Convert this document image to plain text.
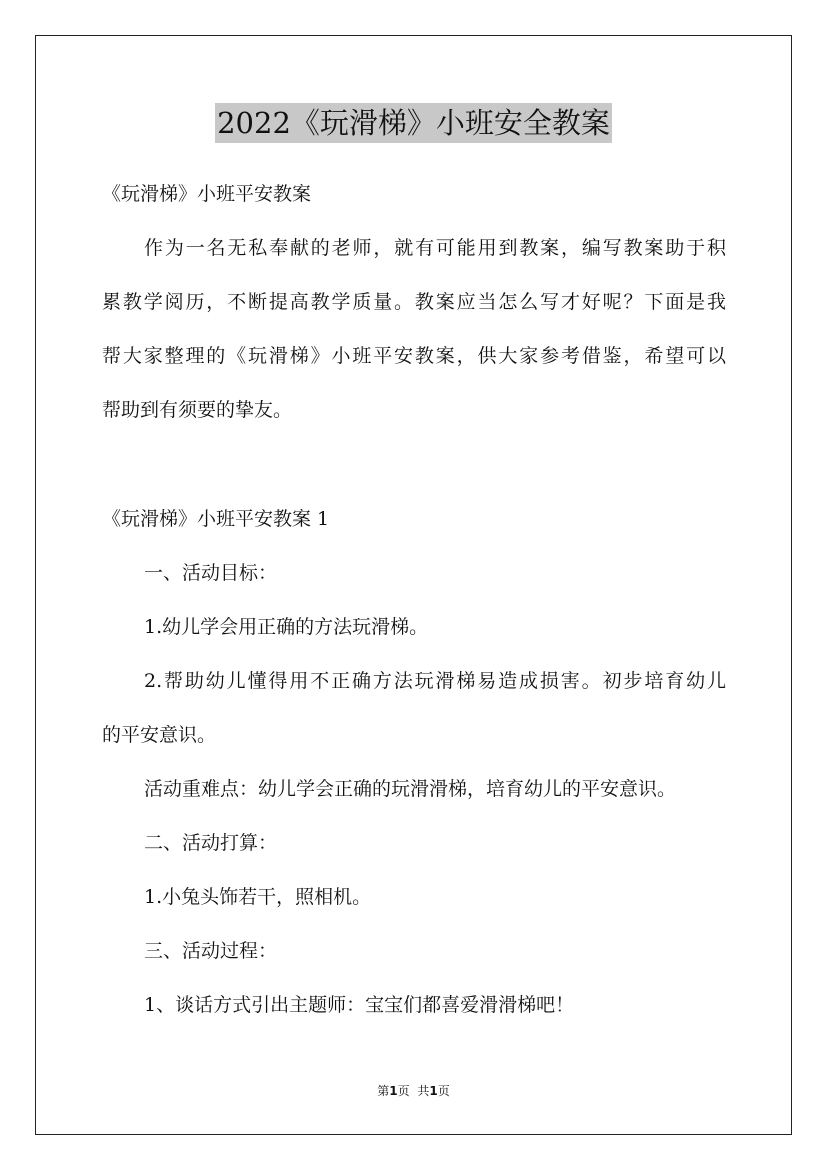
2022《玩滑梯》小班安全教案
《玩滑梯》小班平安教案
作为一名无私奉献的老师，就有可能用到教案，编写教案助于积
累教学阅历，不断提高教学质量。教案应当怎么写才好呢？下面是我
帮大家整理的《玩滑梯》小班平安教案，供大家参考借鉴，希望可以
帮助到有须要的挚友。
《玩滑梯》小班平安教案 1
一、活动目标：
1.幼儿学会用正确的方法玩滑梯。
2.帮助幼儿懂得用不正确方法玩滑梯易造成损害。初步培育幼儿
的平安意识。
活动重难点：幼儿学会正确的玩滑滑梯，培育幼儿的平安意识。
二、活动打算：
1.小兔头饰若干，照相机。
三、活动过程：
1、谈话方式引出主题师：宝宝们都喜爱滑滑梯吧！
第1页 共1页
